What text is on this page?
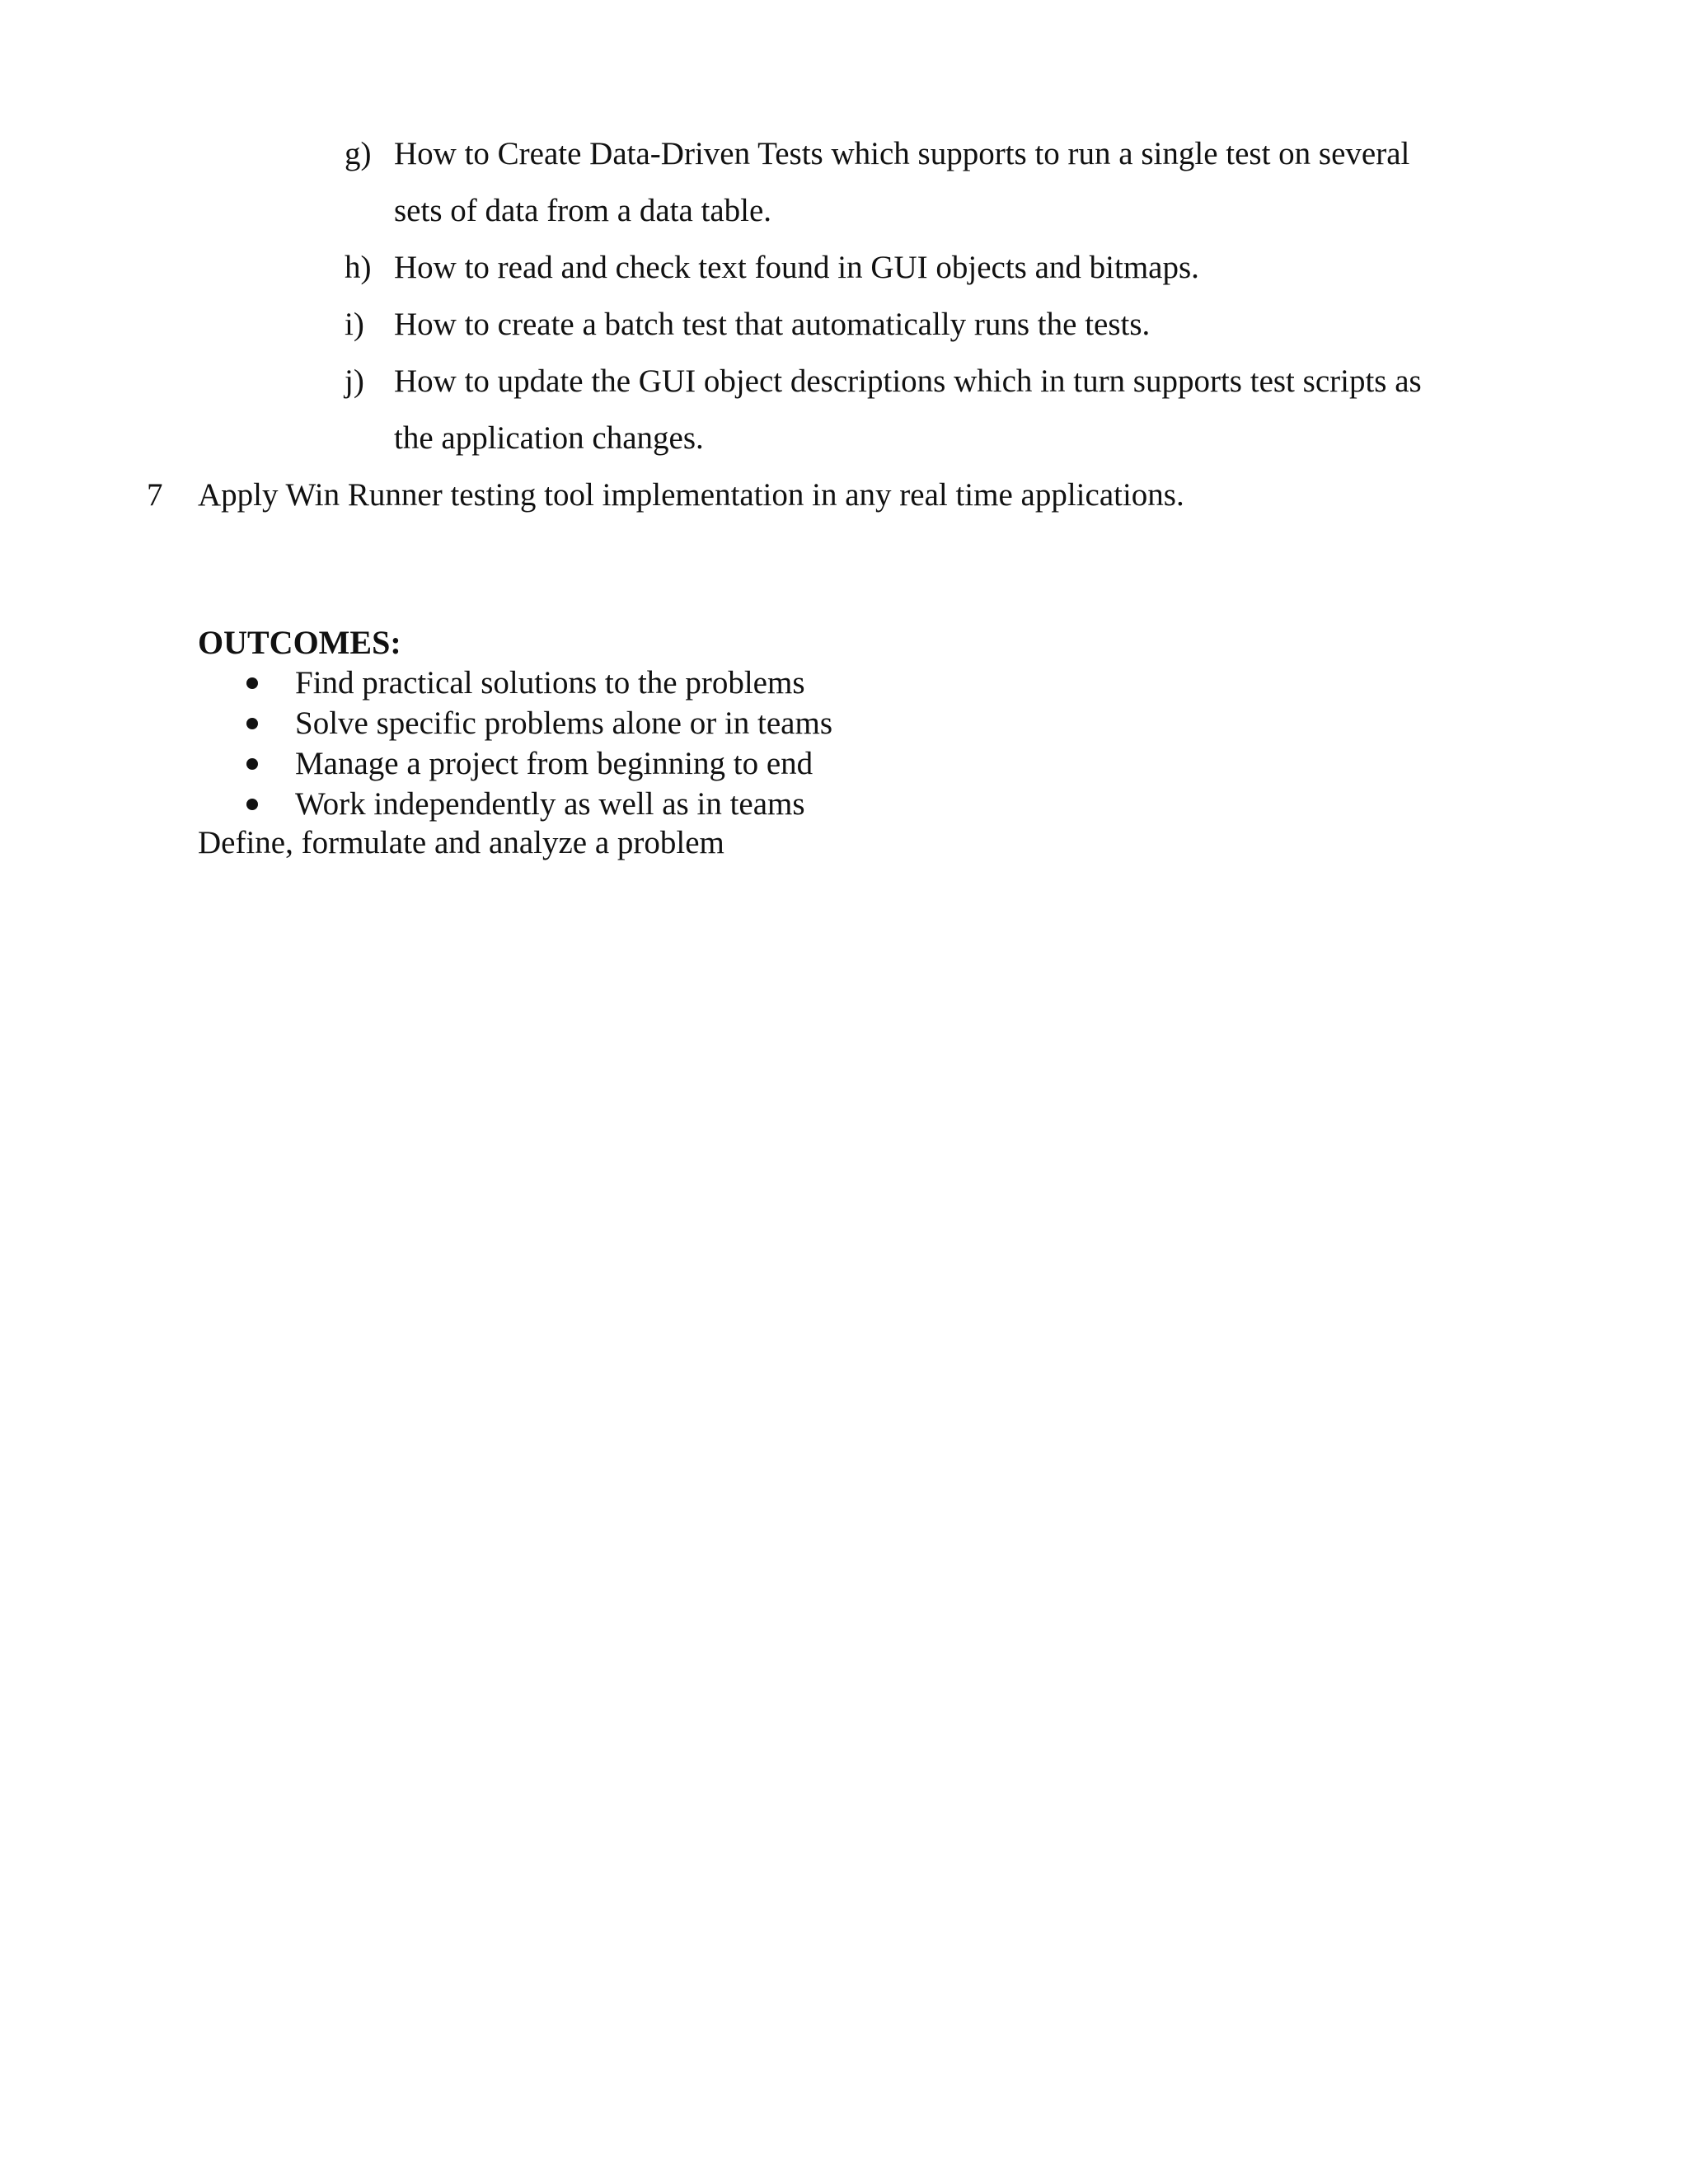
g) How to Create Data-Driven Tests which supports to run a single test on several
sets of data from a data table.
h) How to read and check text found in GUI objects and bitmaps.
i) How to create a batch test that automatically runs the tests.
j) How to update the GUI object descriptions which in turn supports test scripts as
the application changes.
7 Apply Win Runner testing tool implementation in any real time applications.
OUTCOMES:
Find practical solutions to the problems
Solve specific problems alone or in teams
Manage a project from beginning to end
Work independently as well as in teams
Define, formulate and analyze a problem
